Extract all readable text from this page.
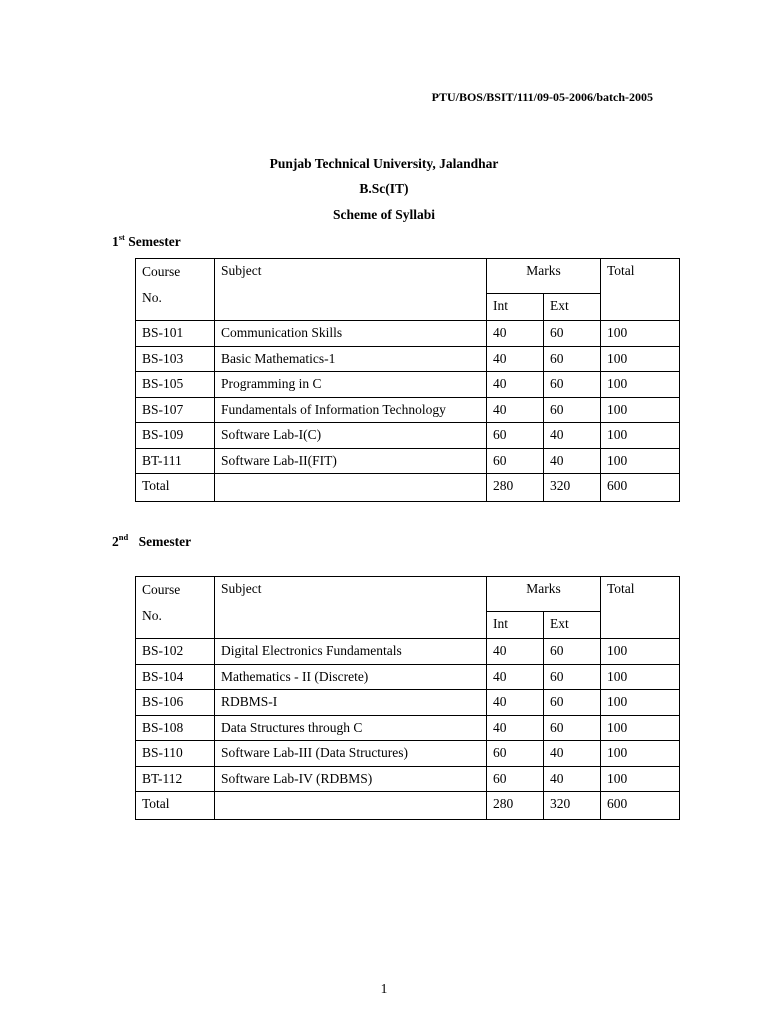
PTU/BOS/BSIT/111/09-05-2006/batch-2005
Punjab Technical University, Jalandhar
B.Sc(IT)
Scheme of Syllabi
1st Semester
Course
No.	Subject	Marks		Total
		Int	Ext	
BS-101	Communication Skills	40	60	100
BS-103	Basic Mathematics-1	40	60	100
BS-105	Programming in C	40	60	100
BS-107	Fundamentals of Information Technology	40	60	100
BS-109	Software Lab-I(C)	60	40	100
BT-111	Software Lab-II(FIT)	60	40	100
Total		280	320	600
2nd Semester
Course
No.	Subject	Marks		Total
		Int	Ext	
BS-102	Digital Electronics Fundamentals	40	60	100
BS-104	Mathematics - II (Discrete)	40	60	100
BS-106	RDBMS-I	40	60	100
BS-108	Data Structures through C	40	60	100
BS-110	Software Lab-III (Data Structures)	60	40	100
BT-112	Software Lab-IV (RDBMS)	60	40	100
Total		280	320	600
1
